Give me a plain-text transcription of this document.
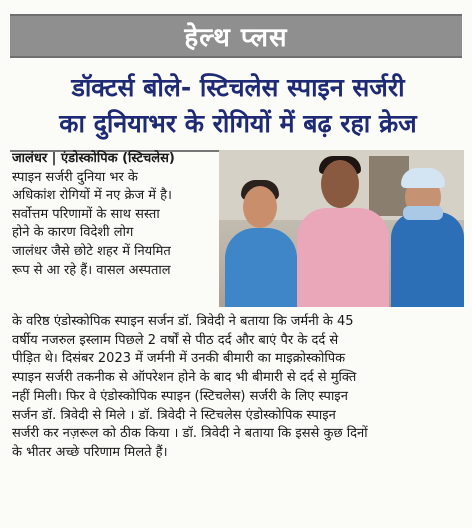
हेल्थ प्लस
डॉक्टर्स बोले- स्टिचलेस स्पाइन सर्जरी
का दुनियाभर के रोगियों में बढ़ रहा क्रेज
जालंधर | एंडोस्कोपिक (स्टिचलेस)
स्पाइन सर्जरी दुनिया भर के
अधिकांश रोगियों में नए क्रेज में है।
सर्वोत्तम परिणामों के साथ सस्ता
होने के कारण विदेशी लोग
जालंधर जैसे छोटे शहर में नियमित
रूप से आ रहे हैं। वासल अस्पताल
के वरिष्ठ एंडोस्कोपिक स्पाइन सर्जन डॉ. त्रिवेदी ने बताया कि जर्मनी के 45
वर्षीय नजरुल इस्लाम पिछले 2 वर्षों से पीठ दर्द और बाएं पैर के दर्द से
पीड़ित थे। दिसंबर 2023 में जर्मनी में उनकी बीमारी का माइक्रोस्कोपिक
स्पाइन सर्जरी तकनीक से ऑपरेशन होने के बाद भी बीमारी से दर्द से मुक्ति
नहीं मिली। फिर वे एंडोस्कोपिक स्पाइन (स्टिचलेस) सर्जरी के लिए स्पाइन
सर्जन डॉ. त्रिवेदी से मिले । डॉ. त्रिवेदी ने स्टिचलेस एंडोस्कोपिक स्पाइन
सर्जरी कर नज़रूल को ठीक किया । डॉ. त्रिवेदी ने बताया कि इससे कुछ दिनों
के भीतर अच्छे परिणाम मिलते हैं।
